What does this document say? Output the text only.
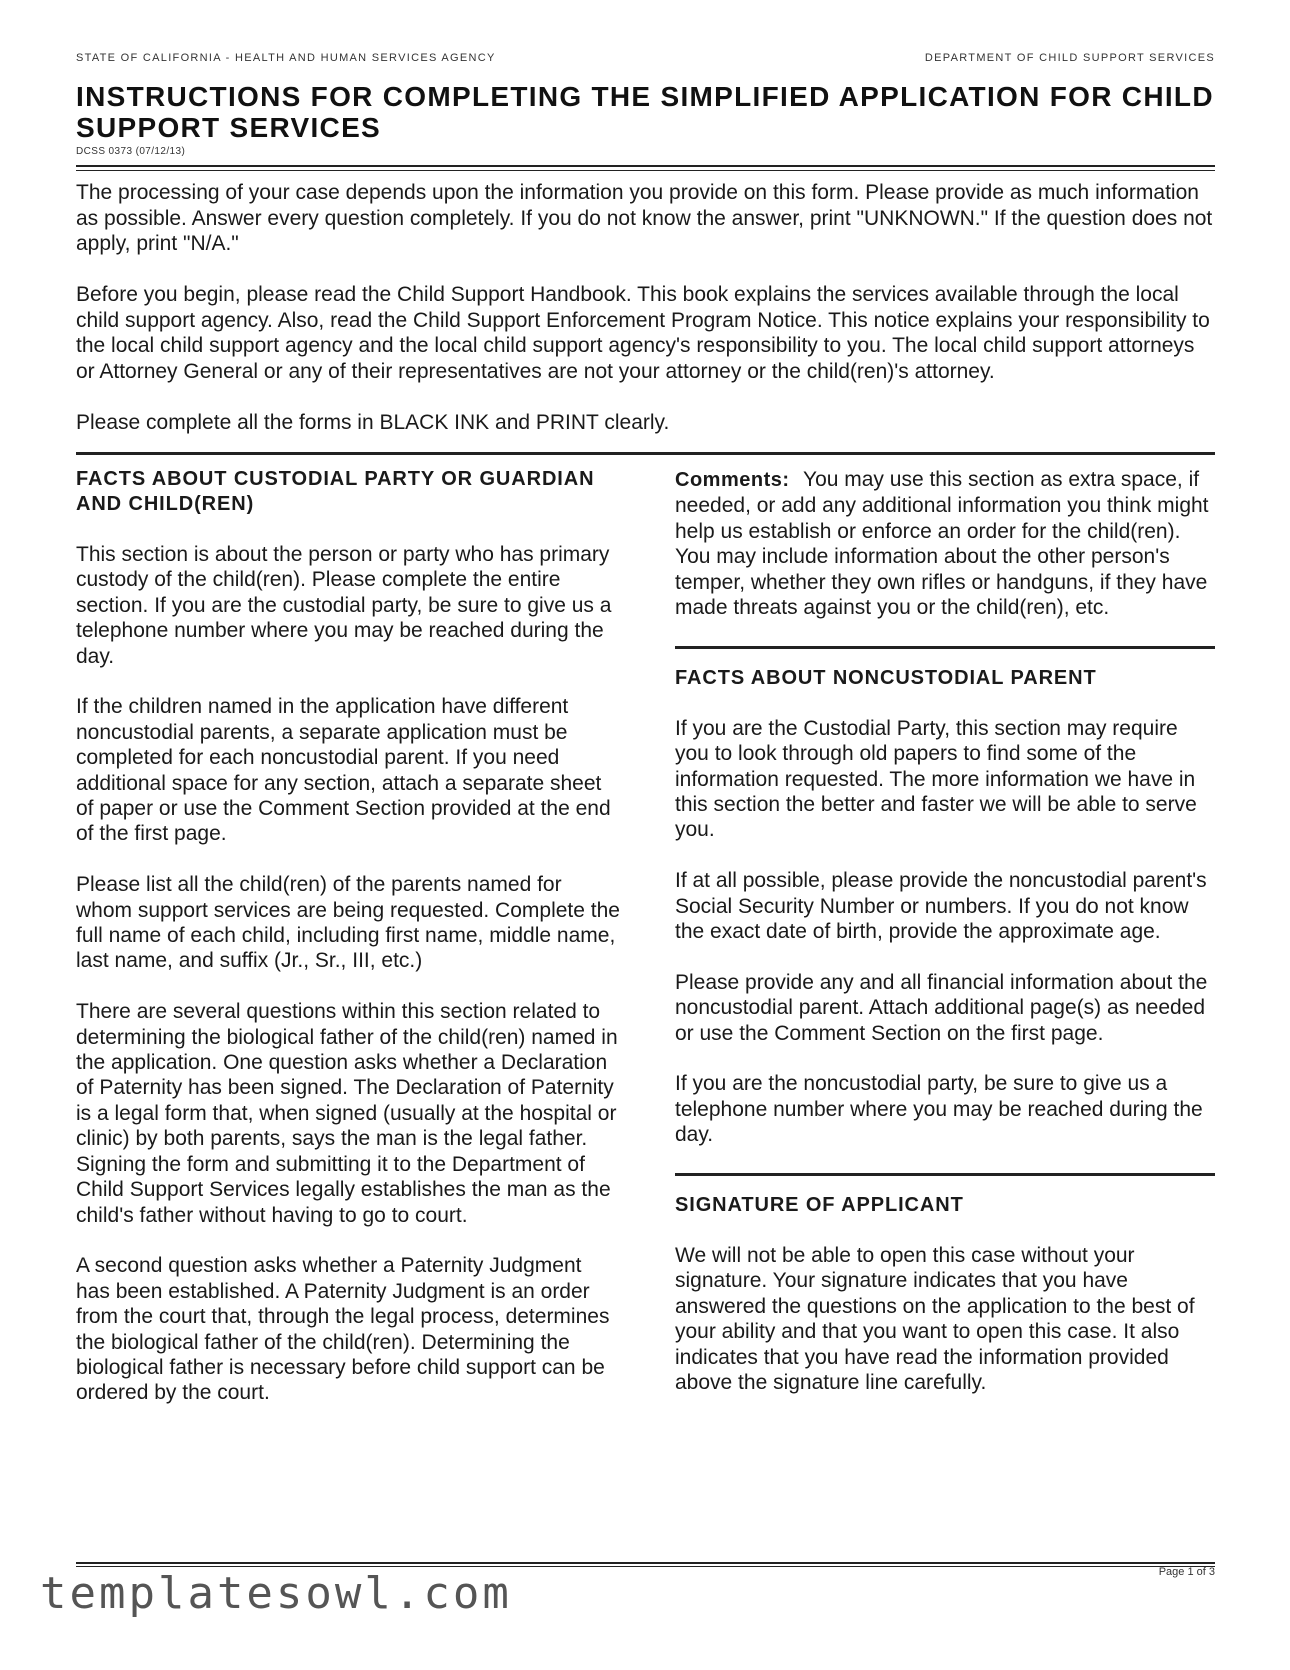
STATE OF CALIFORNIA - HEALTH AND HUMAN SERVICES AGENCY	DEPARTMENT OF CHILD SUPPORT SERVICES
INSTRUCTIONS FOR COMPLETING THE SIMPLIFIED APPLICATION FOR CHILD SUPPORT SERVICES
DCSS 0373 (07/12/13)

The processing of your case depends upon the information you provide on this form. Please provide as much information as possible. Answer every question completely. If you do not know the answer, print "UNKNOWN." If the question does not apply, print "N/A."

Before you begin, please read the Child Support Handbook. This book explains the services available through the local child support agency. Also, read the Child Support Enforcement Program Notice. This notice explains your responsibility to the local child support agency and the local child support agency's responsibility to you. The local child support attorneys or Attorney General or any of their representatives are not your attorney or the child(ren)'s attorney.

Please complete all the forms in BLACK INK and PRINT clearly.

FACTS ABOUT CUSTODIAL PARTY OR GUARDIAN AND CHILD(REN)

This section is about the person or party who has primary custody of the child(ren). Please complete the entire section. If you are the custodial party, be sure to give us a telephone number where you may be reached during the day.

If the children named in the application have different noncustodial parents, a separate application must be completed for each noncustodial parent. If you need additional space for any section, attach a separate sheet of paper or use the Comment Section provided at the end of the first page.

Please list all the child(ren) of the parents named for whom support services are being requested. Complete the full name of each child, including first name, middle name, last name, and suffix (Jr., Sr., III, etc.)

There are several questions within this section related to determining the biological father of the child(ren) named in the application. One question asks whether a Declaration of Paternity has been signed. The Declaration of Paternity is a legal form that, when signed (usually at the hospital or clinic) by both parents, says the man is the legal father. Signing the form and submitting it to the Department of Child Support Services legally establishes the man as the child's father without having to go to court.

A second question asks whether a Paternity Judgment has been established. A Paternity Judgment is an order from the court that, through the legal process, determines the biological father of the child(ren). Determining the biological father is necessary before child support can be ordered by the court.

Comments: You may use this section as extra space, if needed, or add any additional information you think might help us establish or enforce an order for the child(ren). You may include information about the other person's temper, whether they own rifles or handguns, if they have made threats against you or the child(ren), etc.

FACTS ABOUT NONCUSTODIAL PARENT

If you are the Custodial Party, this section may require you to look through old papers to find some of the information requested. The more information we have in this section the better and faster we will be able to serve you.

If at all possible, please provide the noncustodial parent's Social Security Number or numbers. If you do not know the exact date of birth, provide the approximate age.

Please provide any and all financial information about the noncustodial parent. Attach additional page(s) as needed or use the Comment Section on the first page.

If you are the noncustodial party, be sure to give us a telephone number where you may be reached during the day.

SIGNATURE OF APPLICANT

We will not be able to open this case without your signature. Your signature indicates that you have answered the questions on the application to the best of your ability and that you want to open this case. It also indicates that you have read the information provided above the signature line carefully.

Page 1 of 3
templatesowl.com
